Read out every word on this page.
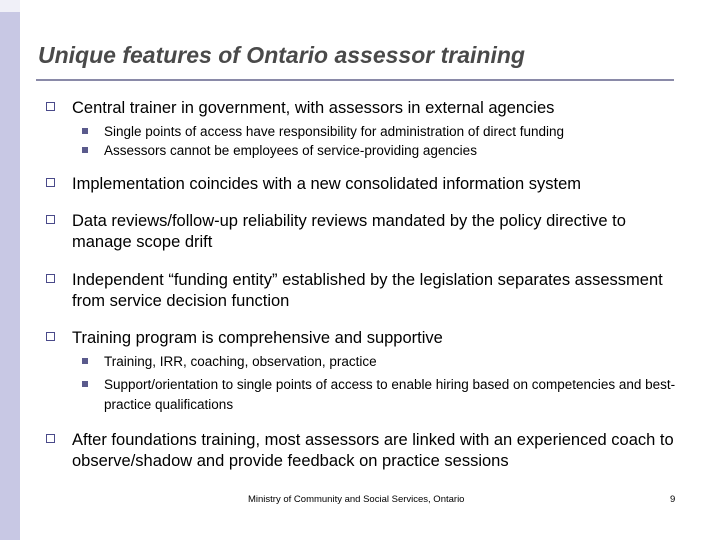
Unique features of Ontario assessor training
Central trainer in government, with assessors in external agencies
Single points of access have responsibility for administration of direct funding
Assessors cannot be employees of service-providing agencies
Implementation coincides with a new consolidated information system
Data reviews/follow-up reliability reviews mandated by the policy directive to manage scope drift
Independent “funding entity” established by the legislation separates assessment from service decision function
Training program is comprehensive and supportive
Training, IRR, coaching, observation, practice
Support/orientation to single points of access to enable hiring based on competencies and best-practice qualifications
After foundations training, most assessors are linked with an experienced coach to observe/shadow and provide feedback on practice sessions
Ministry of Community and Social Services, Ontario	9
